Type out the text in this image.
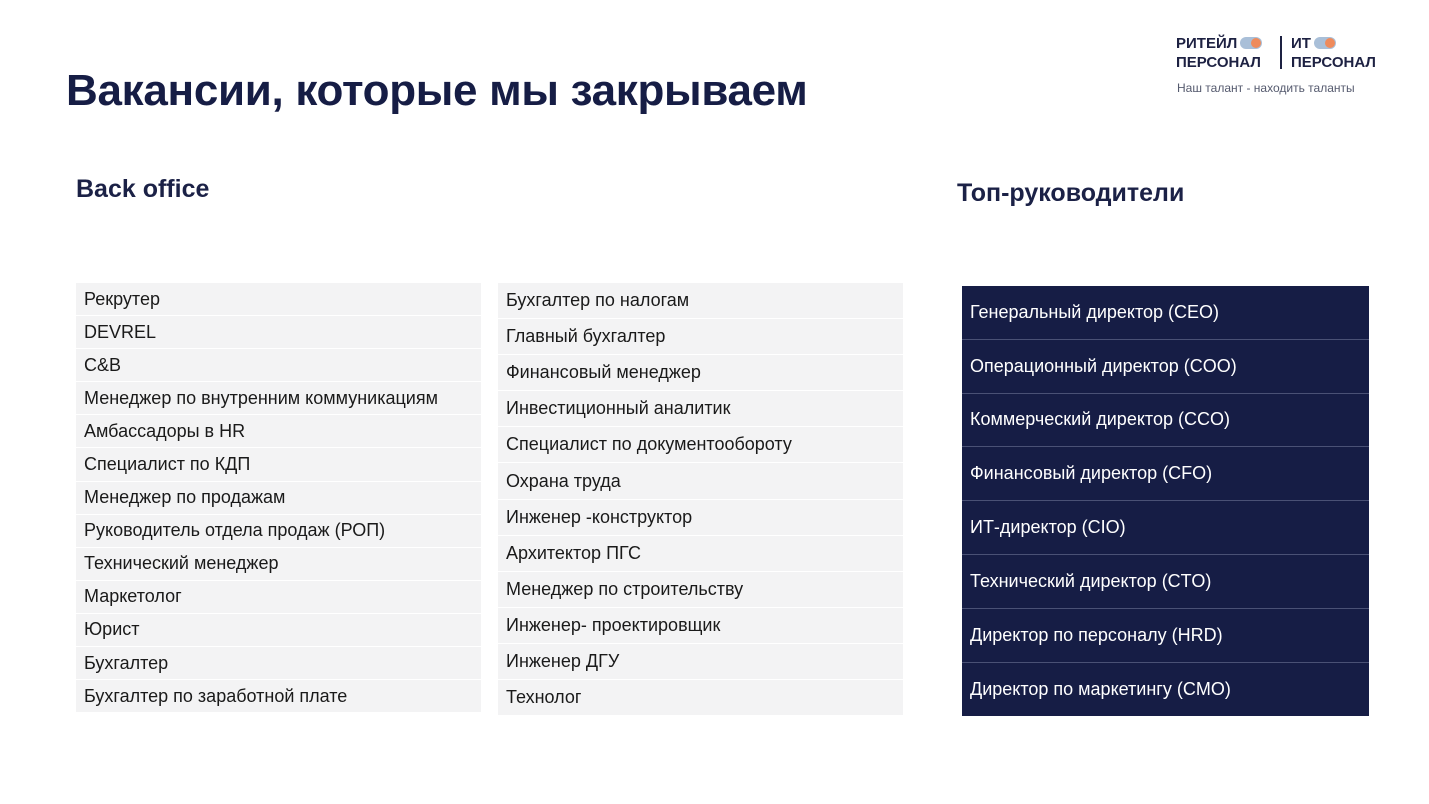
Вакансии, которые мы закрываем
РИТЕЙЛ
ПЕРСОНАЛ
ИТ
ПЕРСОНАЛ
Наш талант - находить таланты
Back office	Топ-руководители
Рекрутер
DEVREL
C&B
Менеджер по внутренним коммуникациям
Амбассадоры в HR
Специалист по КДП
Менеджер по продажам
Руководитель отдела продаж (РОП)
Технический менеджер
Маркетолог
Юрист
Бухгалтер
Бухгалтер по заработной плате
Бухгалтер по налогам
Главный бухгалтер
Финансовый менеджер
Инвестиционный аналитик
Специалист по документообороту
Охрана труда
Инженер -конструктор
Архитектор ПГС
Менеджер по строительству
Инженер- проектировщик
Инженер ДГУ
Технолог
Генеральный директор (CEO)
Операционный директор (COO)
Коммерческий директор (CCO)
Финансовый директор (CFO)
ИТ-директор (CIO)
Технический директор (CTO)
Директор по персоналу (HRD)
Директор по маркетингу (CMO)
